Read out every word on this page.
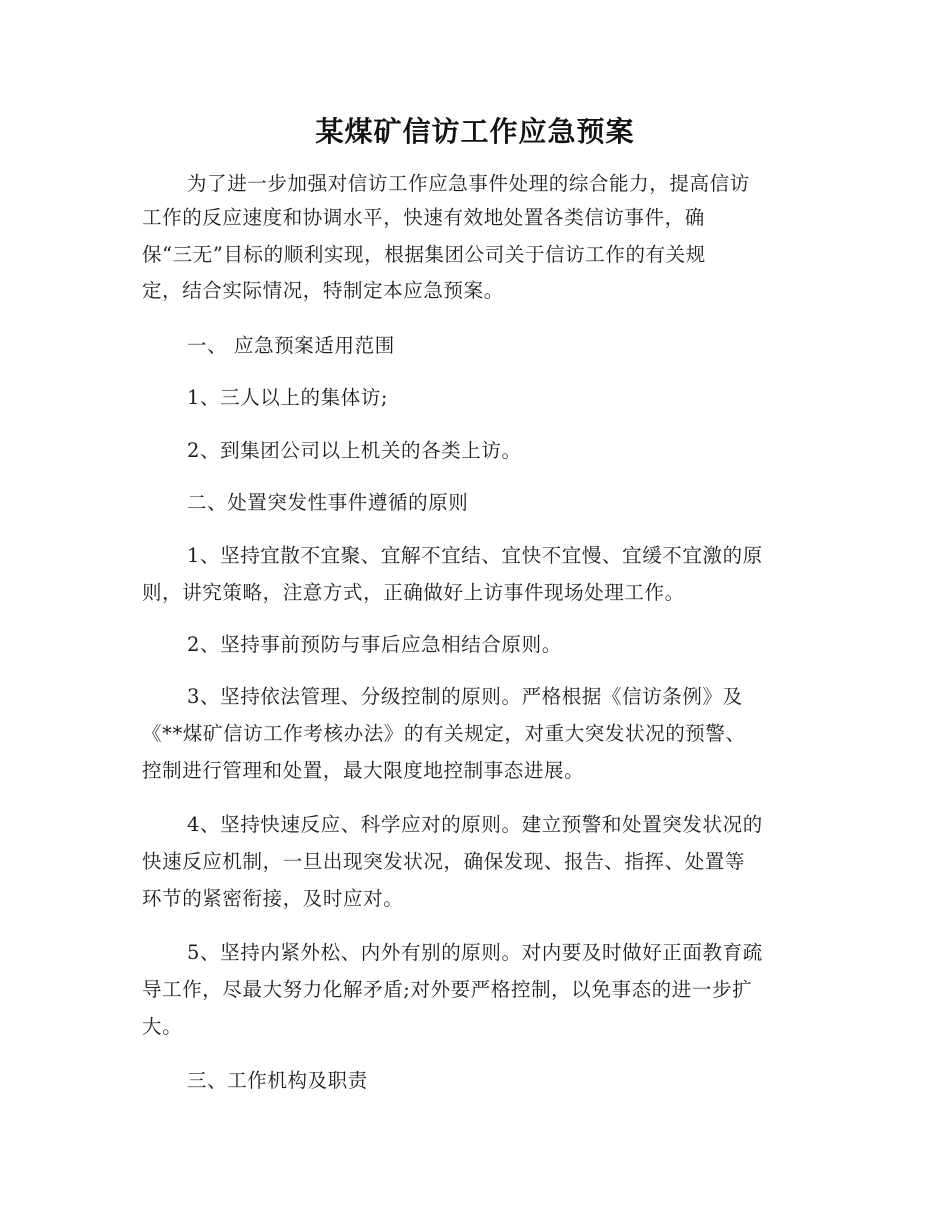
某煤矿信访工作应急预案
为了进一步加强对信访工作应急事件处理的综合能力，提高信访
工作的反应速度和协调水平，快速有效地处置各类信访事件，确
保“三无”目标的顺利实现，根据集团公司关于信访工作的有关规
定，结合实际情况，特制定本应急预案。
一、 应急预案适用范围
1、三人以上的集体访;
2、到集团公司以上机关的各类上访。
二、处置突发性事件遵循的原则
1、坚持宜散不宜聚、宜解不宜结、宜快不宜慢、宜缓不宜激的原
则，讲究策略，注意方式，正确做好上访事件现场处理工作。
2、坚持事前预防与事后应急相结合原则。
3、坚持依法管理、分级控制的原则。严格根据《信访条例》及
《**煤矿信访工作考核办法》的有关规定，对重大突发状况的预警、
控制进行管理和处置，最大限度地控制事态进展。
4、坚持快速反应、科学应对的原则。建立预警和处置突发状况的
快速反应机制，一旦出现突发状况，确保发现、报告、指挥、处置等
环节的紧密衔接，及时应对。
5、坚持内紧外松、内外有别的原则。对内要及时做好正面教育疏
导工作，尽最大努力化解矛盾;对外要严格控制，以免事态的进一步扩
大。
三、工作机构及职责
